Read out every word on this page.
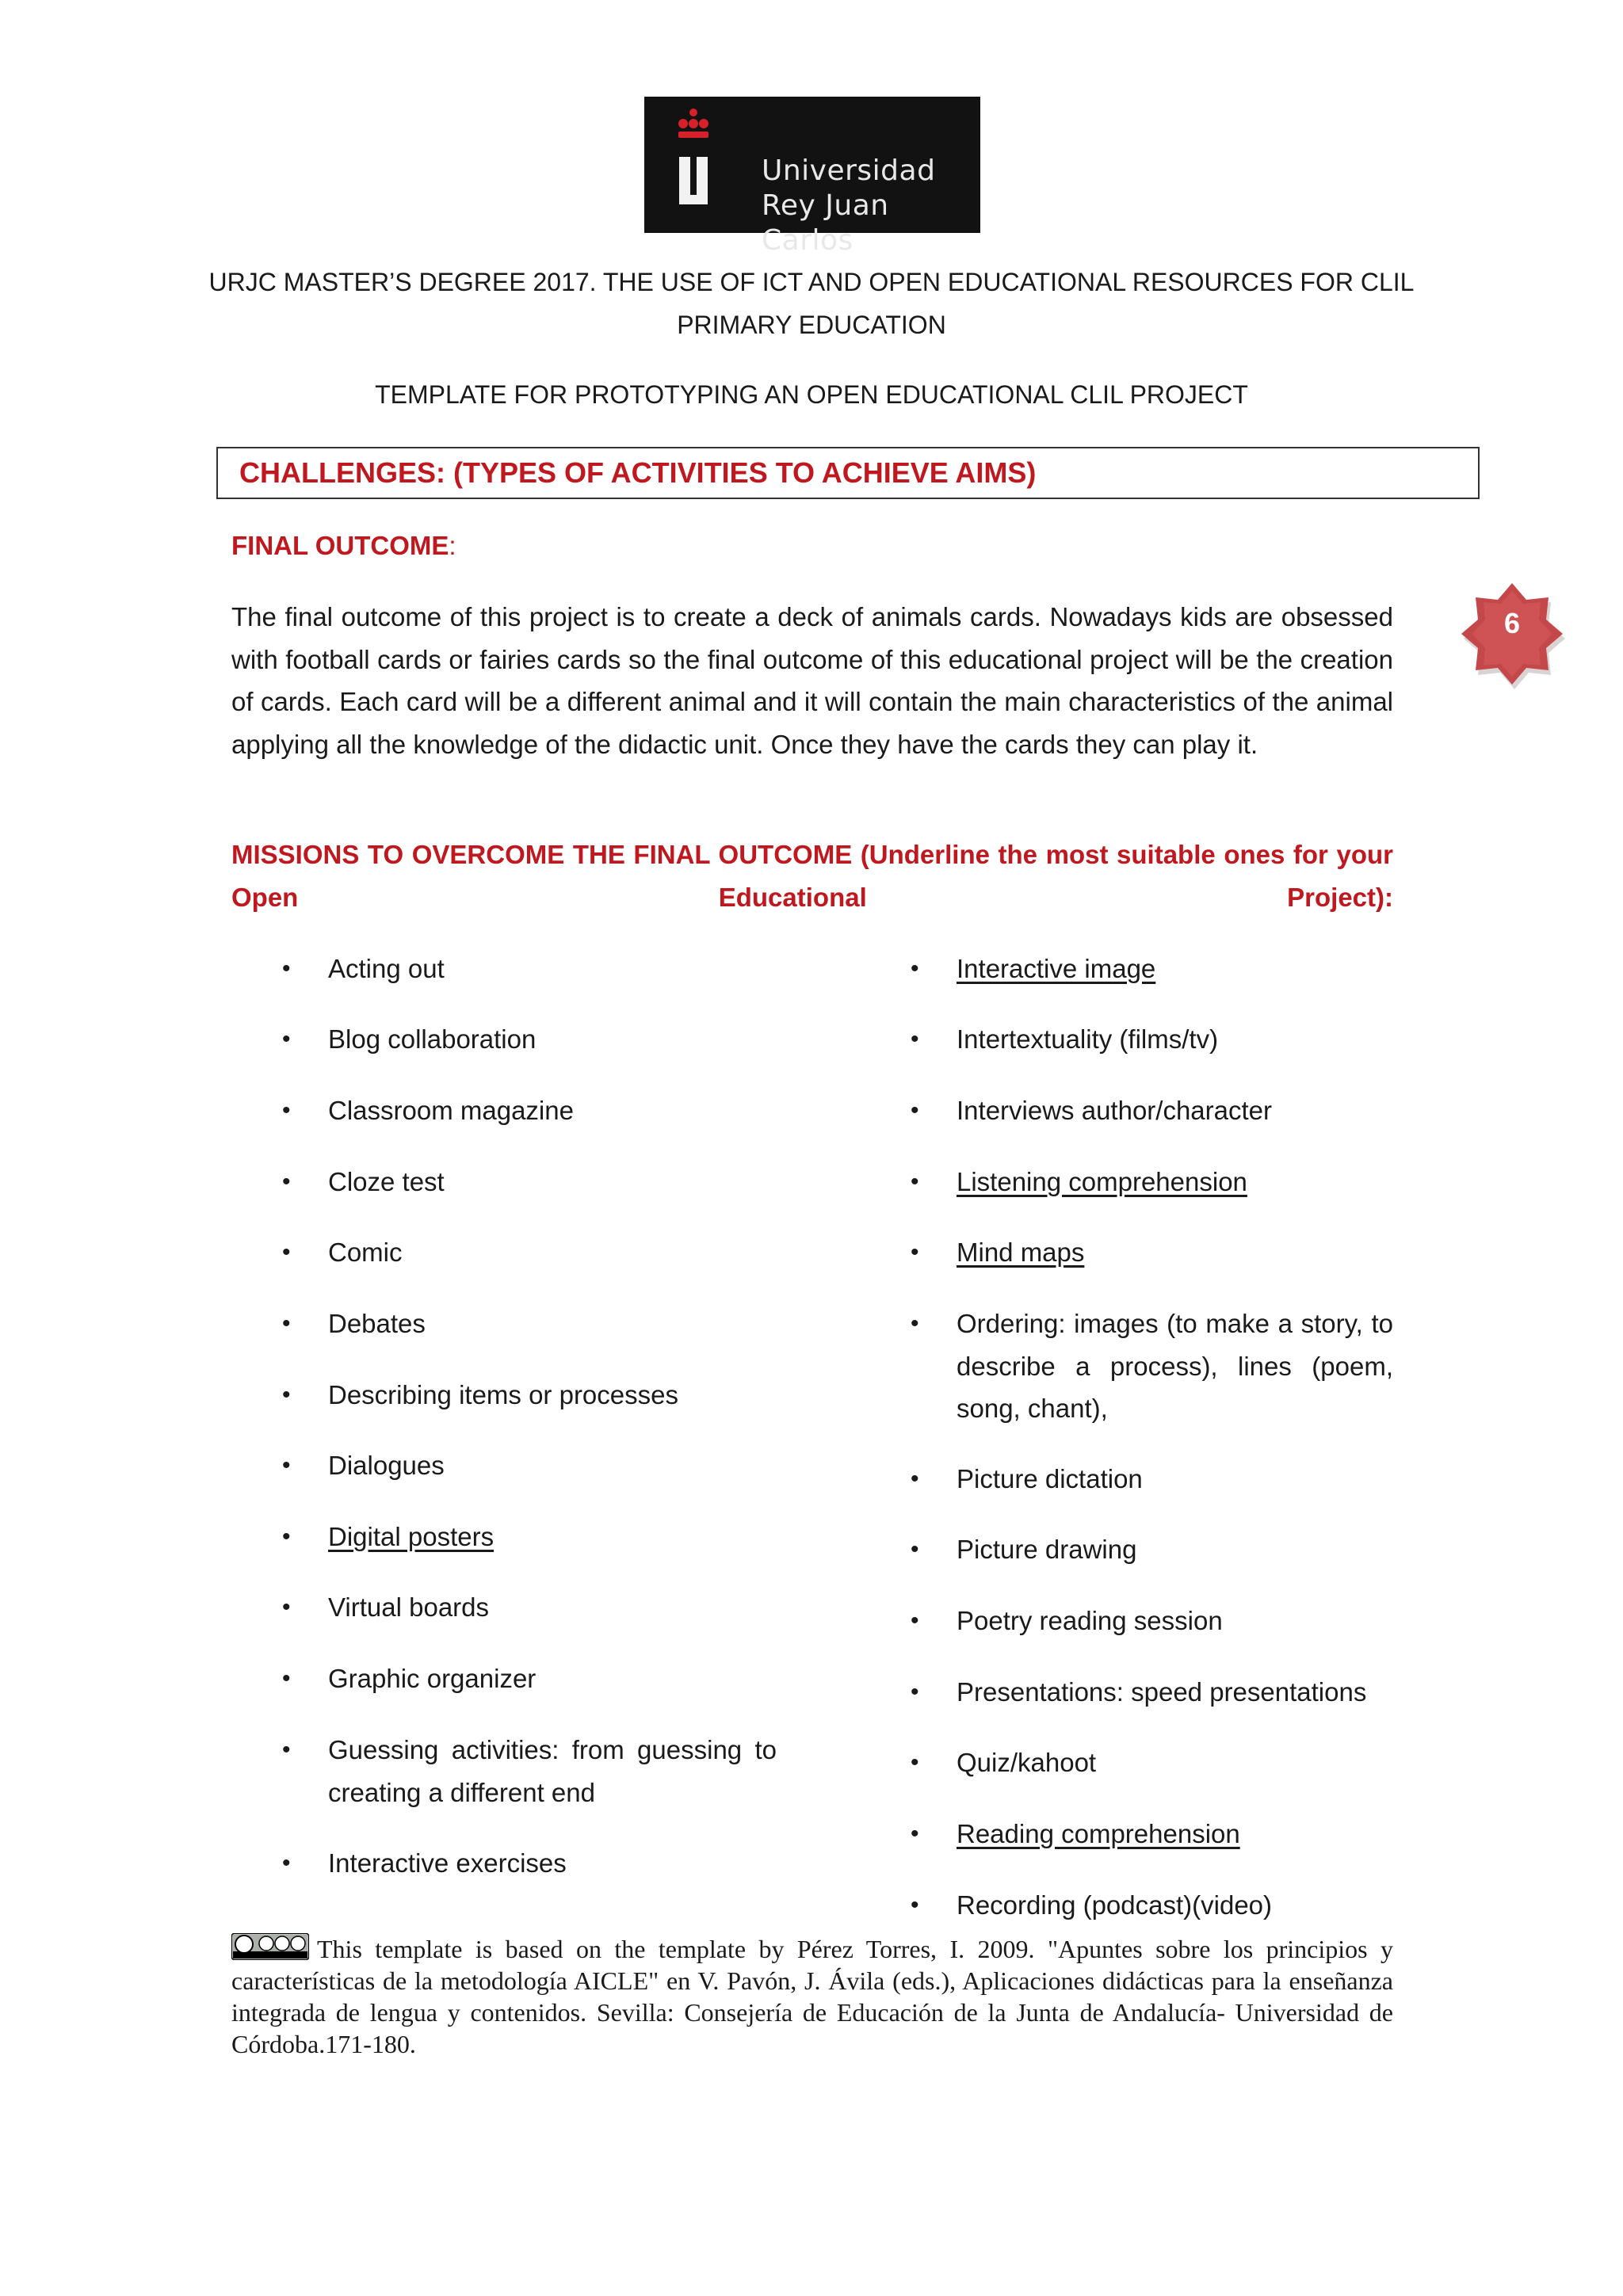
Universidad
Rey Juan Carlos
URJC MASTER’S DEGREE 2017. THE USE OF ICT AND OPEN EDUCATIONAL RESOURCES FOR CLIL
PRIMARY EDUCATION
TEMPLATE FOR PROTOTYPING AN OPEN EDUCATIONAL CLIL PROJECT
CHALLENGES: (TYPES OF ACTIVITIES TO ACHIEVE AIMS)
FINAL OUTCOME:
The final outcome of this project is to create a deck of animals cards. Nowadays kids are obsessed with football cards or fairies cards so the final outcome of this educational project will be the creation of cards. Each card will be a different animal and it will contain the main characteristics of the animal applying all the knowledge of the didactic unit. Once they have the cards they can play it.
6
MISSIONS TO OVERCOME THE FINAL OUTCOME (Underline the most suitable ones for your Open Educational Project):
• Acting out
• Blog collaboration
• Classroom magazine
• Cloze test
• Comic
• Debates
• Describing items or processes
• Dialogues
• Digital posters
• Virtual boards
• Graphic organizer
• Guessing activities: from guessing to creating a different end
• Interactive exercises
• Interactive image
• Intertextuality (films/tv)
• Interviews author/character
• Listening comprehension
• Mind maps
• Ordering: images (to make a story, to describe a process), lines (poem, song, chant),
• Picture dictation
• Picture drawing
• Poetry reading session
• Presentations: speed presentations
• Quiz/kahoot
• Reading comprehension
• Recording (podcast)(video)
This template is based on the template by Pérez Torres, I. 2009. "Apuntes sobre los principios y características de la metodología AICLE" en V. Pavón, J. Ávila (eds.), Aplicaciones didácticas para la enseñanza integrada de lengua y contenidos. Sevilla: Consejería de Educación de la Junta de Andalucía- Universidad de Córdoba.171-180.
